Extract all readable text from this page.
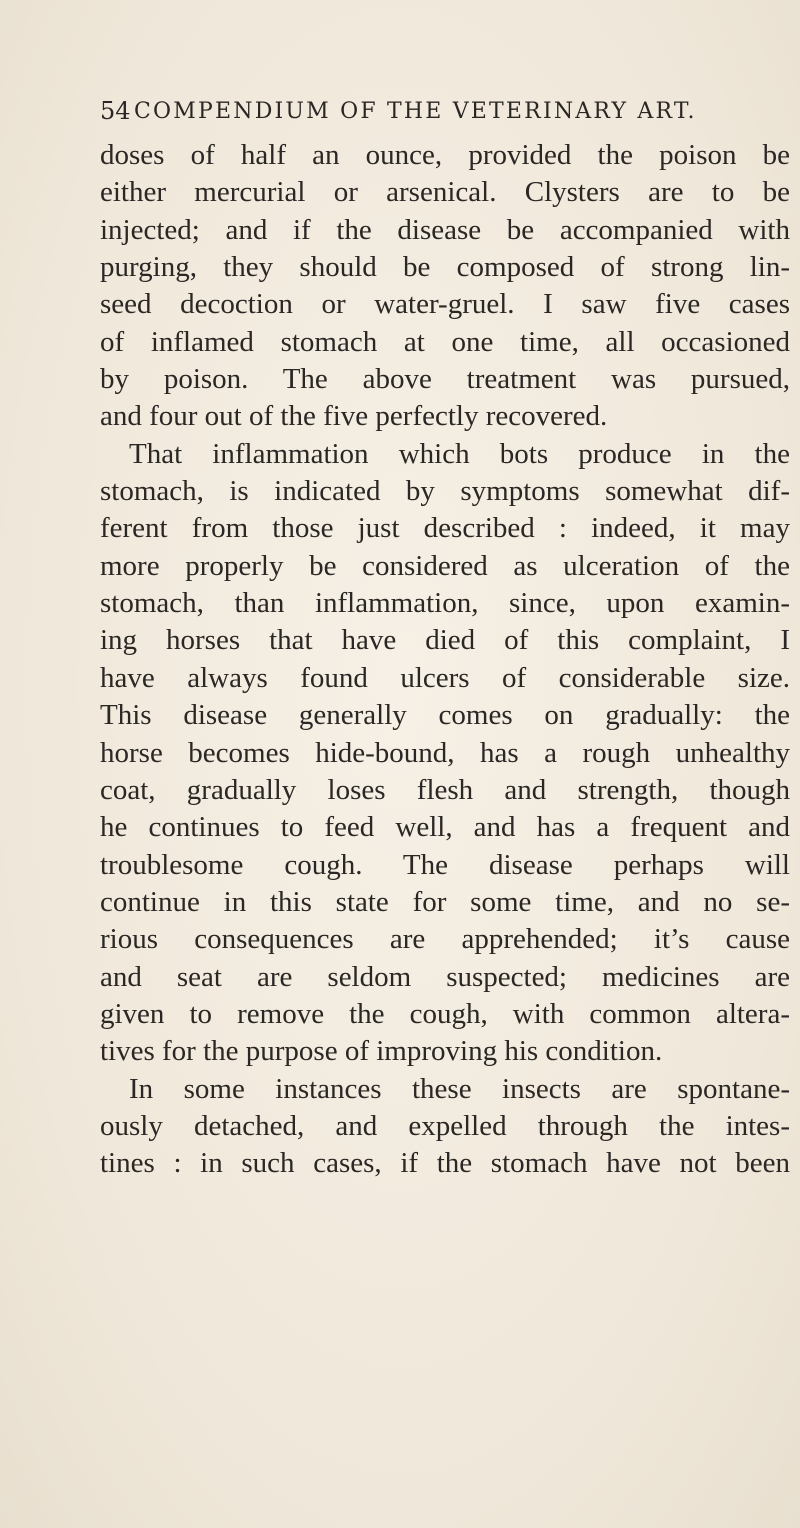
54 COMPENDIUM OF THE VETERINARY ART.
doses of half an ounce, provided the poison be
either mercurial or arsenical. Clysters are to be
injected; and if the disease be accompanied with
purging, they should be composed of strong lin-
seed decoction or water-gruel. I saw five cases
of inflamed stomach at one time, all occasioned
by poison. The above treatment was pursued,
and four out of the five perfectly recovered.
That inflammation which bots produce in the
stomach, is indicated by symptoms somewhat dif-
ferent from those just described : indeed, it may
more properly be considered as ulceration of the
stomach, than inflammation, since, upon examin-
ing horses that have died of this complaint, I
have always found ulcers of considerable size.
This disease generally comes on gradually: the
horse becomes hide-bound, has a rough unhealthy
coat, gradually loses flesh and strength, though
he continues to feed well, and has a frequent and
troublesome cough. The disease perhaps will
continue in this state for some time, and no se-
rious consequences are apprehended; it’s cause
and seat are seldom suspected; medicines are
given to remove the cough, with common altera-
tives for the purpose of improving his condition.
In some instances these insects are spontane-
ously detached, and expelled through the intes-
tines : in such cases, if the stomach have not been
